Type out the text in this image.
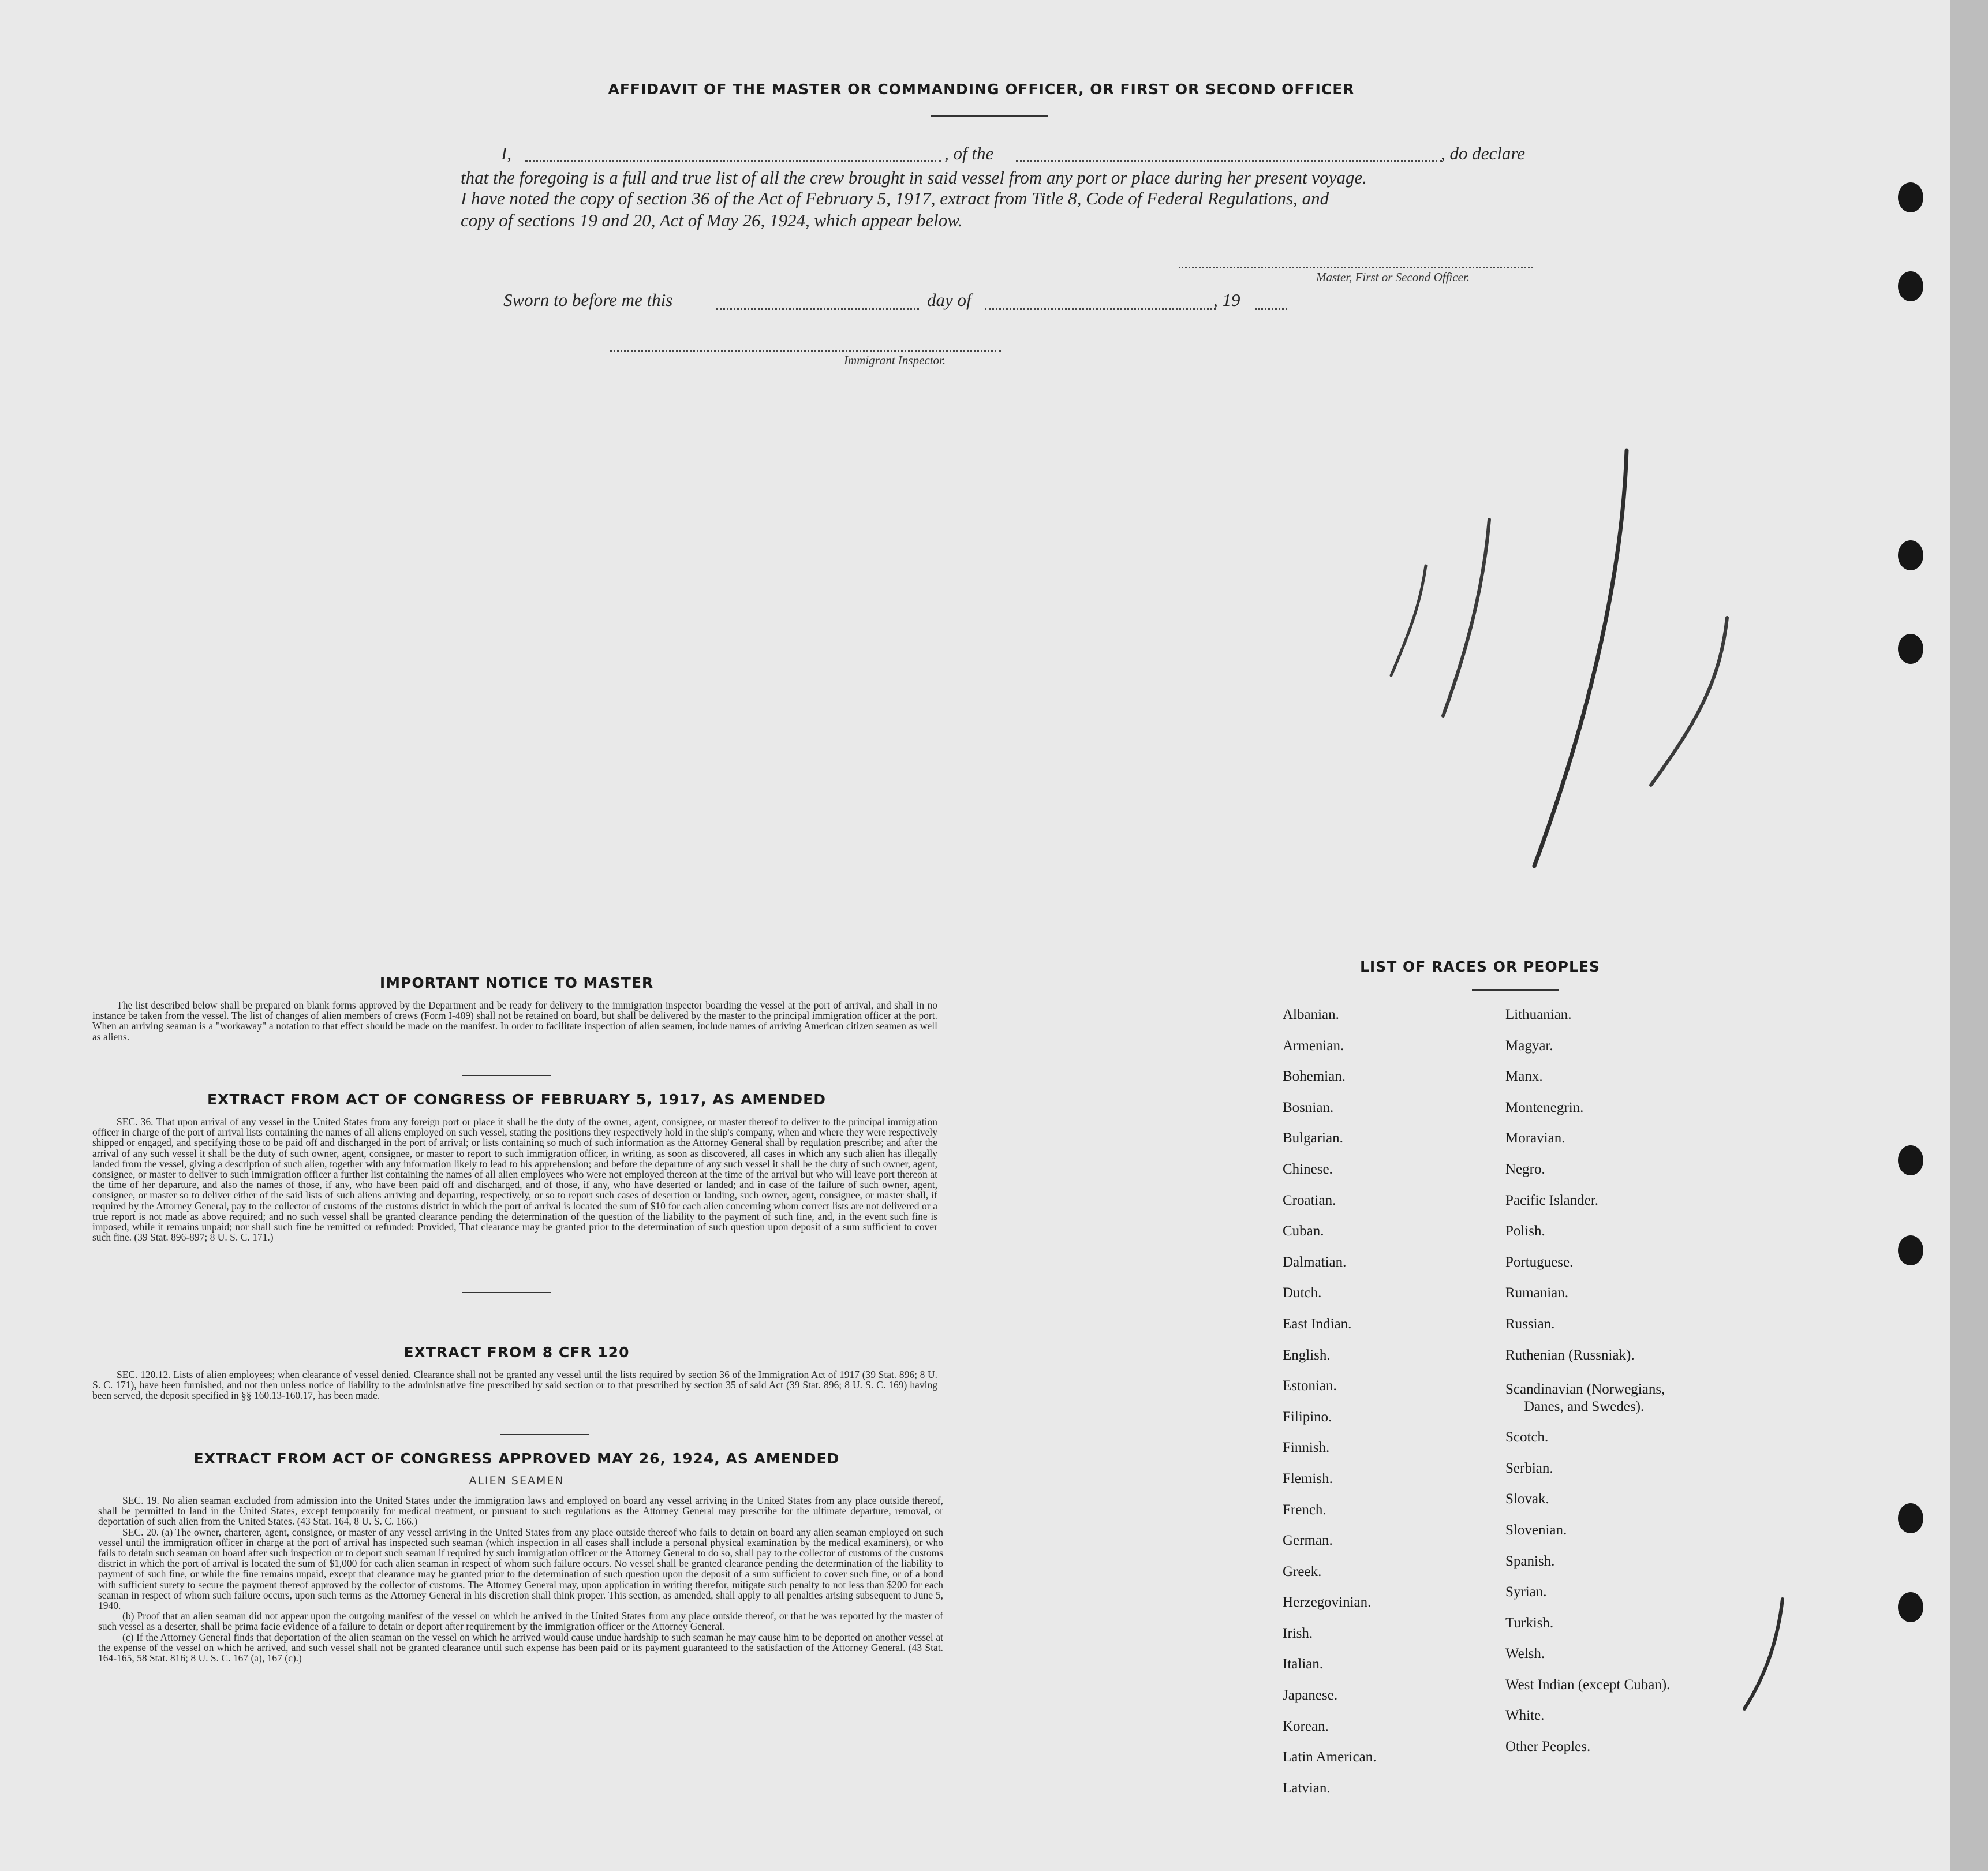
AFFIDAVIT OF THE MASTER OR COMMANDING OFFICER, OR FIRST OR SECOND OFFICER
I,	, of the	, do declare
that the foregoing is a full and true list of all the crew brought in said vessel from any port or place during her present voyage.
I have noted the copy of section 36 of the Act of February 5, 1917, extract from Title 8, Code of Federal Regulations, and
copy of sections 19 and 20, Act of May 26, 1924, which appear below.
Master, First or Second Officer.
Sworn to before me this	day of	, 19
Immigrant Inspector.
IMPORTANT NOTICE TO MASTER

The list described below shall be prepared on blank forms approved by the Department and be ready for delivery to the immigration inspector boarding the vessel at the port of arrival, and shall in no instance be taken from the vessel. The list of changes of alien members of crews (Form I-489) shall not be retained on board, but shall be delivered by the master to the principal immigration officer at the port. When an arriving seaman is a "workaway" a notation to that effect should be made on the manifest. In order to facilitate inspection of alien seamen, include names of arriving American citizen seamen as well as aliens.

EXTRACT FROM ACT OF CONGRESS OF FEBRUARY 5, 1917, AS AMENDED

SEC. 36. That upon arrival of any vessel in the United States from any foreign port or place it shall be the duty of the owner, agent, consignee, or master thereof to deliver to the principal immigration officer in charge of the port of arrival lists containing the names of all aliens employed on such vessel, stating the positions they respectively hold in the ship's company, when and where they were respectively shipped or engaged, and specifying those to be paid off and discharged in the port of arrival; or lists containing so much of such information as the Attorney General shall by regulation prescribe; and after the arrival of any such vessel it shall be the duty of such owner, agent, consignee, or master to report to such immigration officer, in writing, as soon as discovered, all cases in which any such alien has illegally landed from the vessel, giving a description of such alien, together with any information likely to lead to his apprehension; and before the departure of any such vessel it shall be the duty of such owner, agent, consignee, or master to deliver to such immigration officer a further list containing the names of all alien employees who were not employed thereon at the time of the arrival but who will leave port thereon at the time of her departure, and also the names of those, if any, who have been paid off and discharged, and of those, if any, who have deserted or landed; and in case of the failure of such owner, agent, consignee, or master so to deliver either of the said lists of such aliens arriving and departing, respectively, or so to report such cases of desertion or landing, such owner, agent, consignee, or master shall, if required by the Attorney General, pay to the collector of customs of the customs district in which the port of arrival is located the sum of $10 for each alien concerning whom correct lists are not delivered or a true report is not made as above required; and no such vessel shall be granted clearance pending the determination of the question of the liability to the payment of such fine, and, in the event such fine is imposed, while it remains unpaid; nor shall such fine be remitted or refunded: Provided, That clearance may be granted prior to the determination of such question upon deposit of a sum sufficient to cover such fine. (39 Stat. 896-897; 8 U. S. C. 171.)

EXTRACT FROM 8 CFR 120

SEC. 120.12. Lists of alien employees; when clearance of vessel denied. Clearance shall not be granted any vessel until the lists required by section 36 of the Immigration Act of 1917 (39 Stat. 896; 8 U. S. C. 171), have been furnished, and not then unless notice of liability to the administrative fine prescribed by said section or to that prescribed by section 35 of said Act (39 Stat. 896; 8 U. S. C. 169) having been served, the deposit specified in §§ 160.13-160.17, has been made.

EXTRACT FROM ACT OF CONGRESS APPROVED MAY 26, 1924, AS AMENDED
ALIEN SEAMEN

SEC. 19. No alien seaman excluded from admission into the United States under the immigration laws and employed on board any vessel arriving in the United States from any place outside thereof, shall be permitted to land in the United States, except temporarily for medical treatment, or pursuant to such regulations as the Attorney General may prescribe for the ultimate departure, removal, or deportation of such alien from the United States. (43 Stat. 164, 8 U. S. C. 166.)

SEC. 20. (a) The owner, charterer, agent, consignee, or master of any vessel arriving in the United States from any place outside thereof who fails to detain on board any alien seaman employed on such vessel until the immigration officer in charge at the port of arrival has inspected such seaman (which inspection in all cases shall include a personal physical examination by the medical examiners), or who fails to detain such seaman on board after such inspection or to deport such seaman if required by such immigration officer or the Attorney General to do so, shall pay to the collector of customs of the customs district in which the port of arrival is located the sum of $1,000 for each alien seaman in respect of whom such failure occurs. No vessel shall be granted clearance pending the determination of the liability to payment of such fine, or while the fine remains unpaid, except that clearance may be granted prior to the determination of such question upon the deposit of a sum sufficient to cover such fine, or of a bond with sufficient surety to secure the payment thereof approved by the collector of customs. The Attorney General may, upon application in writing therefor, mitigate such penalty to not less than $200 for each seaman in respect of whom such failure occurs, upon such terms as the Attorney General in his discretion shall think proper. This section, as amended, shall apply to all penalties arising subsequent to June 5, 1940.

(b) Proof that an alien seaman did not appear upon the outgoing manifest of the vessel on which he arrived in the United States from any place outside thereof, or that he was reported by the master of such vessel as a deserter, shall be prima facie evidence of a failure to detain or deport after requirement by the immigration officer or the Attorney General.

(c) If the Attorney General finds that deportation of the alien seaman on the vessel on which he arrived would cause undue hardship to such seaman he may cause him to be deported on another vessel at the expense of the vessel on which he arrived, and such vessel shall not be granted clearance until such expense has been paid or its payment guaranteed to the satisfaction of the Attorney General. (43 Stat. 164-165, 58 Stat. 816; 8 U. S. C. 167 (a), 167 (c).)

LIST OF RACES OR PEOPLES
Albanian.
Armenian.
Bohemian.
Bosnian.
Bulgarian.
Chinese.
Croatian.
Cuban.
Dalmatian.
Dutch.
East Indian.
English.
Estonian.
Filipino.
Finnish.
Flemish.
French.
German.
Greek.
Herzegovinian.
Irish.
Italian.
Japanese.
Korean.
Latin American.
Latvian.
Lithuanian.
Magyar.
Manx.
Montenegrin.
Moravian.
Negro.
Pacific Islander.
Polish.
Portuguese.
Rumanian.
Russian.
Ruthenian (Russniak).
Scandinavian (Norwegians,
Danes, and Swedes).
Scotch.
Serbian.
Slovak.
Slovenian.
Spanish.
Syrian.
Turkish.
Welsh.
West Indian (except Cuban).
White.
Other Peoples.
